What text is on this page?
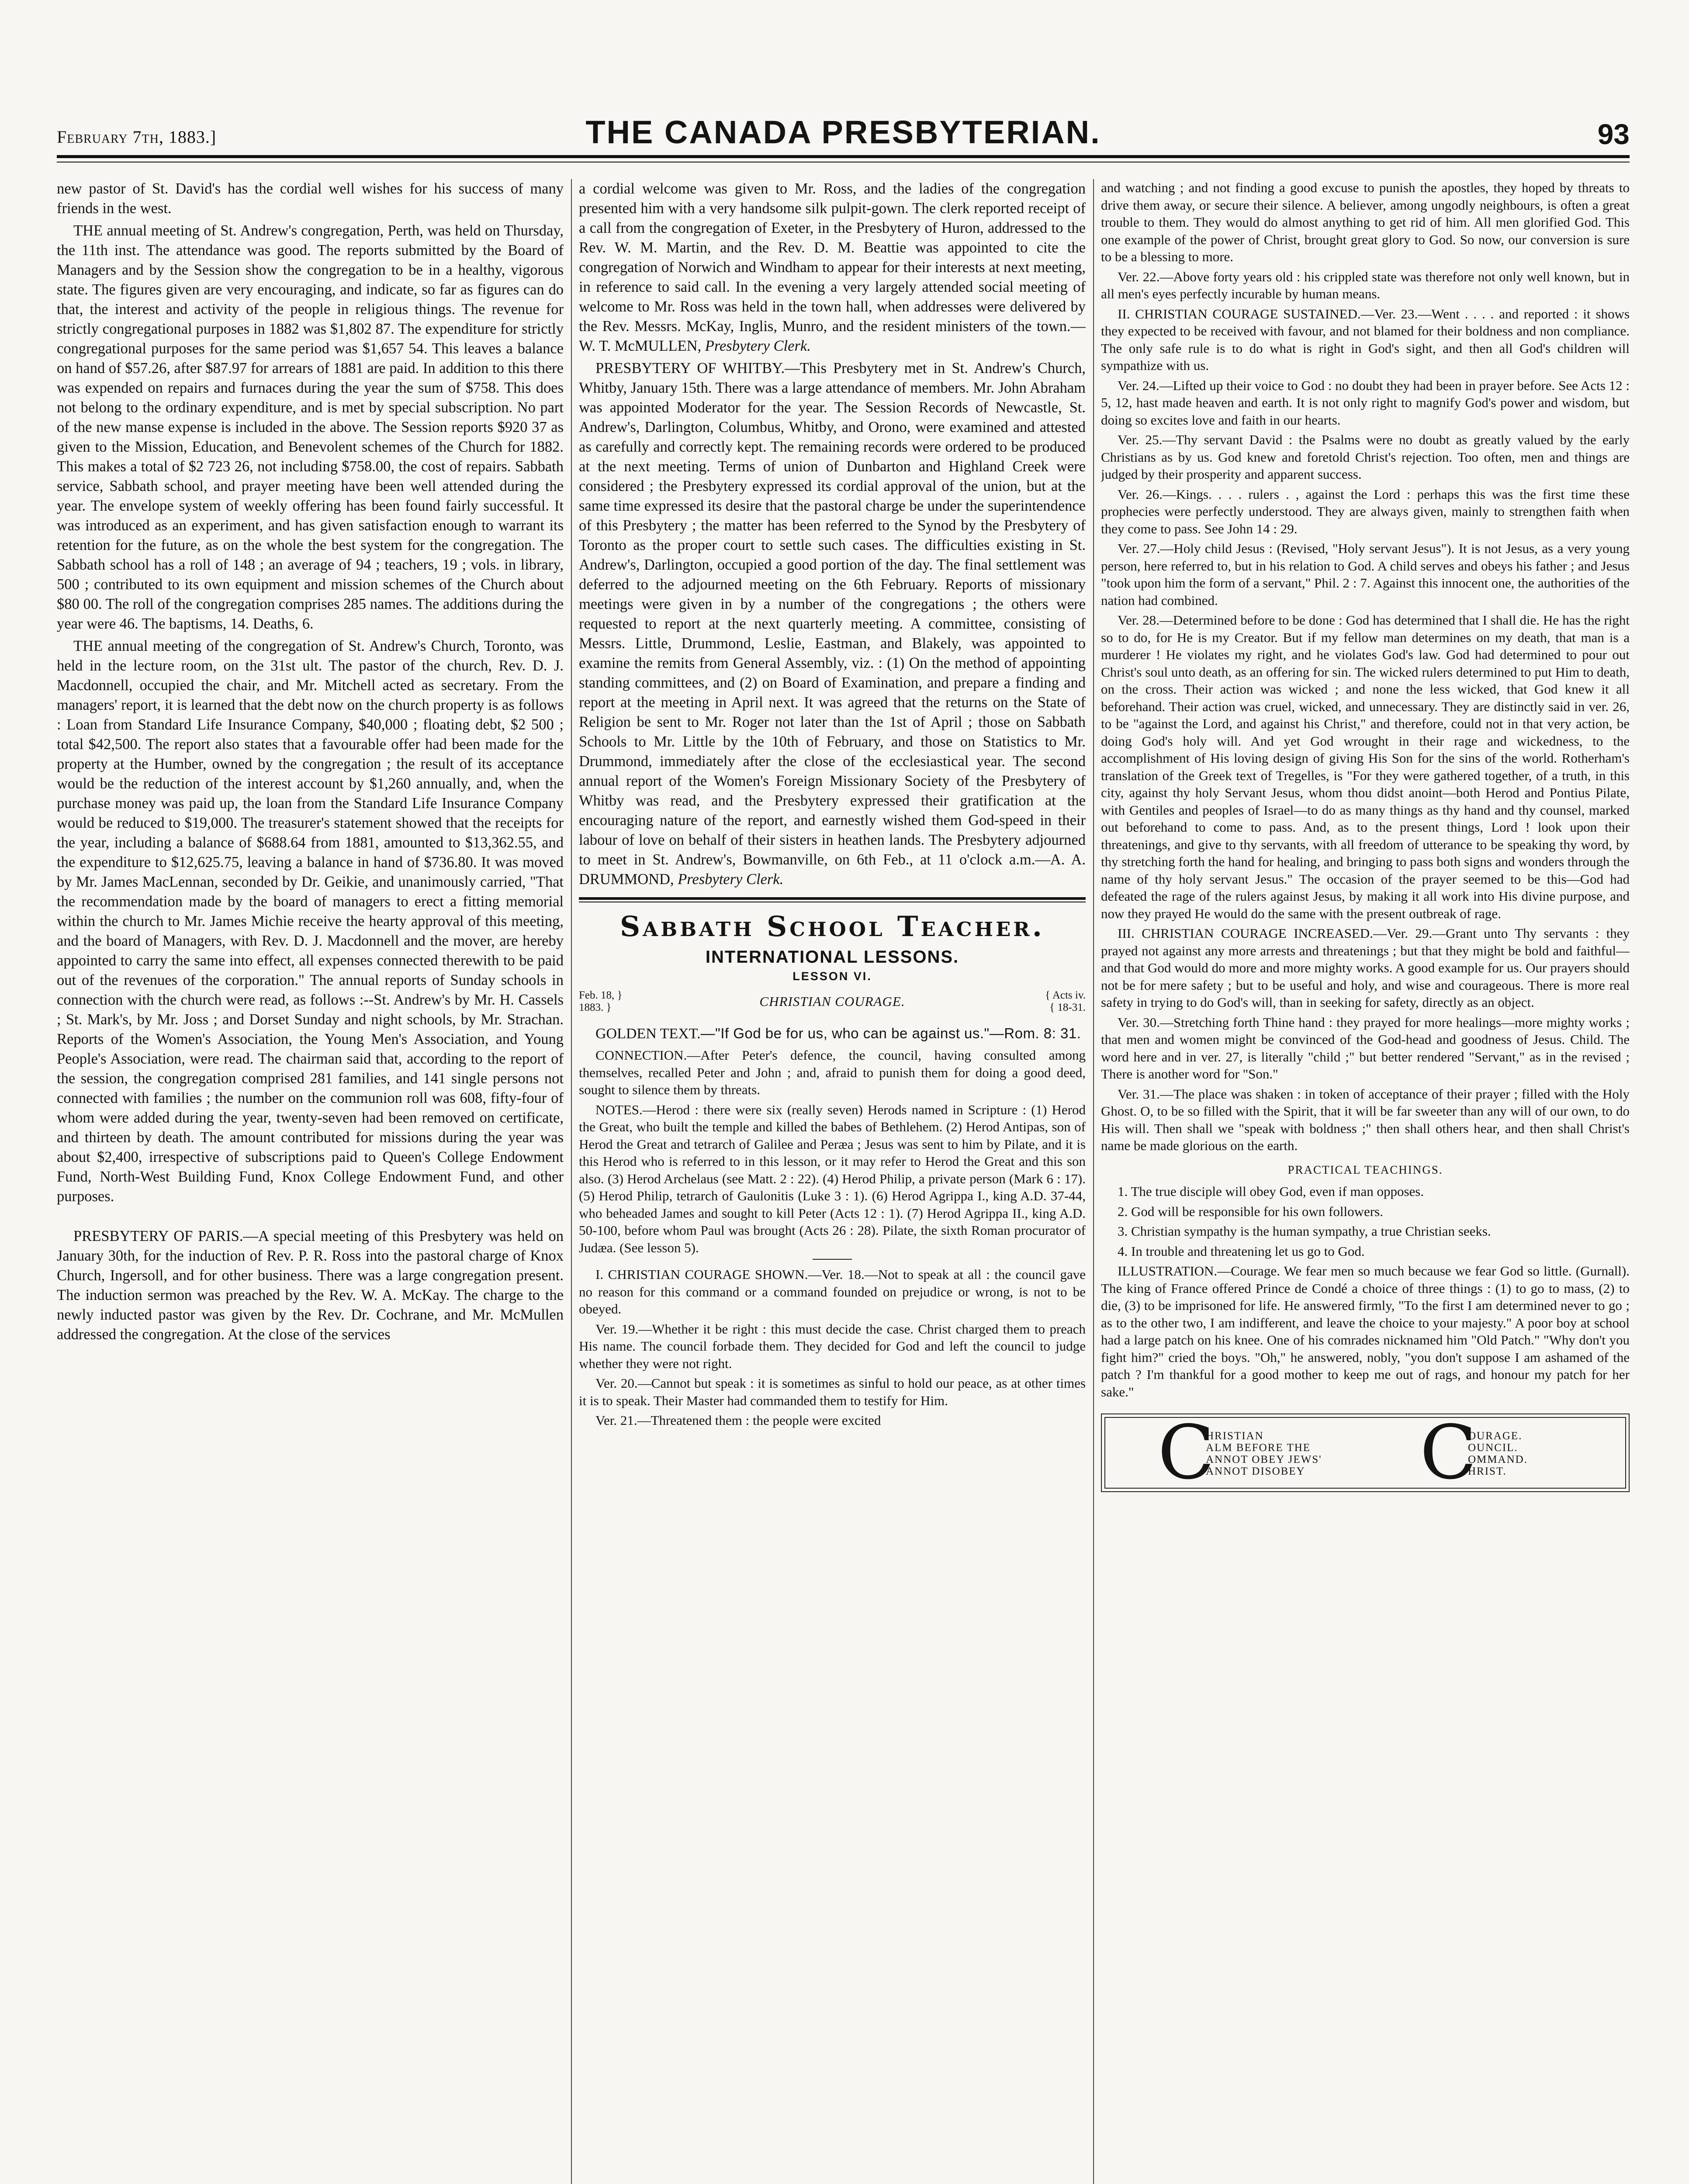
February 7th, 1883.]	THE CANADA PRESBYTERIAN.	93

new pastor of St. David's has the cordial well wishes for his success of many friends in the west.

THE annual meeting of St. Andrew's congregation, Perth, was held on Thursday, the 11th inst. The attendance was good. The reports submitted by the Board of Managers and by the Session show the congregation to be in a healthy, vigorous state. The figures given are very encouraging, and indicate, so far as figures can do that, the interest and activity of the people in religious things. The revenue for strictly congregational purposes in 1882 was $1,802 87. The expenditure for strictly congregational purposes for the same period was $1,657 54. This leaves a balance on hand of $57.26, after $87.97 for arrears of 1881 are paid. In addition to this there was expended on repairs and furnaces during the year the sum of $758. This does not belong to the ordinary expenditure, and is met by special subscription. No part of the new manse expense is included in the above. The Session reports $920 37 as given to the Mission, Education, and Benevolent schemes of the Church for 1882. This makes a total of $2 723 26, not including $758.00, the cost of repairs. Sabbath service, Sabbath school, and prayer meeting have been well attended during the year. The envelope system of weekly offering has been found fairly successful. It was introduced as an experiment, and has given satisfaction enough to warrant its retention for the future, as on the whole the best system for the congregation. The Sabbath school has a roll of 148 ; an average of 94 ; teachers, 19 ; vols. in library, 500 ; contributed to its own equipment and mission schemes of the Church about $80 00. The roll of the congregation comprises 285 names. The additions during the year were 46. The baptisms, 14. Deaths, 6.

THE annual meeting of the congregation of St. Andrew's Church, Toronto, was held in the lecture room, on the 31st ult. The pastor of the church, Rev. D. J. Macdonnell, occupied the chair, and Mr. Mitchell acted as secretary. From the managers' report, it is learned that the debt now on the church property is as follows : Loan from Standard Life Insurance Company, $40,000 ; floating debt, $2 500 ; total $42,500. The report also states that a favourable offer had been made for the property at the Humber, owned by the congregation ; the result of its acceptance would be the reduction of the interest account by $1,260 annually, and, when the purchase money was paid up, the loan from the Standard Life Insurance Company would be reduced to $19,000. The treasurer's statement showed that the receipts for the year, including a balance of $688.64 from 1881, amounted to $13,362.55, and the expenditure to $12,625.75, leaving a balance in hand of $736.80. It was moved by Mr. James MacLennan, seconded by Dr. Geikie, and unanimously carried, "That the recommendation made by the board of managers to erect a fitting memorial within the church to Mr. James Michie receive the hearty approval of this meeting, and the board of Managers, with Rev. D. J. Macdonnell and the mover, are hereby appointed to carry the same into effect, all expenses connected therewith to be paid out of the revenues of the corporation." The annual reports of Sunday schools in connection with the church were read, as follows :--St. Andrew's by Mr. H. Cassels ; St. Mark's, by Mr. Joss ; and Dorset Sunday and night schools, by Mr. Strachan. Reports of the Women's Association, the Young Men's Association, and Young People's Association, were read. The chairman said that, according to the report of the session, the congregation comprised 281 families, and 141 single persons not connected with families ; the number on the communion roll was 608, fifty-four of whom were added during the year, twenty-seven had been removed on certificate, and thirteen by death. The amount contributed for missions during the year was about $2,400, irrespective of subscriptions paid to Queen's College Endowment Fund, North-West Building Fund, Knox College Endowment Fund, and other purposes.

PRESBYTERY OF PARIS.—A special meeting of this Presbytery was held on January 30th, for the induction of Rev. P. R. Ross into the pastoral charge of Knox Church, Ingersoll, and for other business. There was a large congregation present. The induction sermon was preached by the Rev. W. A. McKay. The charge to the newly inducted pastor was given by the Rev. Dr. Cochrane, and Mr. McMullen addressed the congregation. At the close of the services

a cordial welcome was given to Mr. Ross, and the ladies of the congregation presented him with a very handsome silk pulpit-gown. The clerk reported receipt of a call from the congregation of Exeter, in the Presbytery of Huron, addressed to the Rev. W. M. Martin, and the Rev. D. M. Beattie was appointed to cite the congregation of Norwich and Windham to appear for their interests at next meeting, in reference to said call. In the evening a very largely attended social meeting of welcome to Mr. Ross was held in the town hall, when addresses were delivered by the Rev. Messrs. McKay, Inglis, Munro, and the resident ministers of the town.—W. T. McMULLEN, Presbytery Clerk.

PRESBYTERY OF WHITBY.—This Presbytery met in St. Andrew's Church, Whitby, January 15th. There was a large attendance of members. Mr. John Abraham was appointed Moderator for the year. The Session Records of Newcastle, St. Andrew's, Darlington, Columbus, Whitby, and Orono, were examined and attested as carefully and correctly kept. The remaining records were ordered to be produced at the next meeting. Terms of union of Dunbarton and Highland Creek were considered ; the Presbytery expressed its cordial approval of the union, but at the same time expressed its desire that the pastoral charge be under the superintendence of this Presbytery ; the matter has been referred to the Synod by the Presbytery of Toronto as the proper court to settle such cases. The difficulties existing in St. Andrew's, Darlington, occupied a good portion of the day. The final settlement was deferred to the adjourned meeting on the 6th February. Reports of missionary meetings were given in by a number of the congregations ; the others were requested to report at the next quarterly meeting. A committee, consisting of Messrs. Little, Drummond, Leslie, Eastman, and Blakely, was appointed to examine the remits from General Assembly, viz. : (1) On the method of appointing standing committees, and (2) on Board of Examination, and prepare a finding and report at the meeting in April next. It was agreed that the returns on the State of Religion be sent to Mr. Roger not later than the 1st of April ; those on Sabbath Schools to Mr. Little by the 10th of February, and those on Statistics to Mr. Drummond, immediately after the close of the ecclesiastical year. The second annual report of the Women's Foreign Missionary Society of the Presbytery of Whitby was read, and the Presbytery expressed their gratification at the encouraging nature of the report, and earnestly wished them God-speed in their labour of love on behalf of their sisters in heathen lands. The Presbytery adjourned to meet in St. Andrew's, Bowmanville, on 6th Feb., at 11 o'clock a.m.—A. A. DRUMMOND, Presbytery Clerk.

Sabbath School Teacher.
INTERNATIONAL LESSONS.
LESSON VI.
Feb. 18, }
1883. }	CHRISTIAN COURAGE.	{ Acts iv.
{ 18-31.
GOLDEN TEXT.—"If God be for us, who can be against us."—Rom. 8: 31.

CONNECTION.—After Peter's defence, the council, having consulted among themselves, recalled Peter and John ; and, afraid to punish them for doing a good deed, sought to silence them by threats.

NOTES.—Herod : there were six (really seven) Herods named in Scripture : (1) Herod the Great, who built the temple and killed the babes of Bethlehem. (2) Herod Antipas, son of Herod the Great and tetrarch of Galilee and Peræa ; Jesus was sent to him by Pilate, and it is this Herod who is referred to in this lesson, or it may refer to Herod the Great and this son also. (3) Herod Archelaus (see Matt. 2 : 22). (4) Herod Philip, a private person (Mark 6 : 17). (5) Herod Philip, tetrarch of Gaulonitis (Luke 3 : 1). (6) Herod Agrippa I., king A.D. 37-44, who beheaded James and sought to kill Peter (Acts 12 : 1). (7) Herod Agrippa II., king A.D. 50-100, before whom Paul was brought (Acts 26 : 28). Pilate, the sixth Roman procurator of Judæa. (See lesson 5).

I. CHRISTIAN COURAGE SHOWN.—Ver. 18.—Not to speak at all : the council gave no reason for this command or a command founded on prejudice or wrong, is not to be obeyed.

Ver. 19.—Whether it be right : this must decide the case. Christ charged them to preach His name. The council forbade them. They decided for God and left the council to judge whether they were not right.

Ver. 20.—Cannot but speak : it is sometimes as sinful to hold our peace, as at other times it is to speak. Their Master had commanded them to testify for Him.

Ver. 21.—Threatened them : the people were excited

and watching ; and not finding a good excuse to punish the apostles, they hoped by threats to drive them away, or secure their silence. A believer, among ungodly neighbours, is often a great trouble to them. They would do almost anything to get rid of him. All men glorified God. This one example of the power of Christ, brought great glory to God. So now, our conversion is sure to be a blessing to more.

Ver. 22.—Above forty years old : his crippled state was therefore not only well known, but in all men's eyes perfectly incurable by human means.

II. CHRISTIAN COURAGE SUSTAINED.—Ver. 23.—Went . . . . and reported : it shows they expected to be received with favour, and not blamed for their boldness and non compliance. The only safe rule is to do what is right in God's sight, and then all God's children will sympathize with us.

Ver. 24.—Lifted up their voice to God : no doubt they had been in prayer before. See Acts 12 : 5, 12, hast made heaven and earth. It is not only right to magnify God's power and wisdom, but doing so excites love and faith in our hearts.

Ver. 25.—Thy servant David : the Psalms were no doubt as greatly valued by the early Christians as by us. God knew and foretold Christ's rejection. Too often, men and things are judged by their prosperity and apparent success.

Ver. 26.—Kings. . . . rulers . , against the Lord : perhaps this was the first time these prophecies were perfectly understood. They are always given, mainly to strengthen faith when they come to pass. See John 14 : 29.

Ver. 27.—Holy child Jesus : (Revised, "Holy servant Jesus"). It is not Jesus, as a very young person, here referred to, but in his relation to God. A child serves and obeys his father ; and Jesus "took upon him the form of a servant," Phil. 2 : 7. Against this innocent one, the authorities of the nation had combined.

Ver. 28.—Determined before to be done : God has determined that I shall die. He has the right so to do, for He is my Creator. But if my fellow man determines on my death, that man is a murderer ! He violates my right, and he violates God's law. God had determined to pour out Christ's soul unto death, as an offering for sin. The wicked rulers determined to put Him to death, on the cross. Their action was wicked ; and none the less wicked, that God knew it all beforehand. Their action was cruel, wicked, and unnecessary. They are distinctly said in ver. 26, to be "against the Lord, and against his Christ," and therefore, could not in that very action, be doing God's holy will. And yet God wrought in their rage and wickedness, to the accomplishment of His loving design of giving His Son for the sins of the world. Rotherham's translation of the Greek text of Tregelles, is "For they were gathered together, of a truth, in this city, against thy holy Servant Jesus, whom thou didst anoint—both Herod and Pontius Pilate, with Gentiles and peoples of Israel—to do as many things as thy hand and thy counsel, marked out beforehand to come to pass. And, as to the present things, Lord ! look upon their threatenings, and give to thy servants, with all freedom of utterance to be speaking thy word, by thy stretching forth the hand for healing, and bringing to pass both signs and wonders through the name of thy holy servant Jesus." The occasion of the prayer seemed to be this—God had defeated the rage of the rulers against Jesus, by making it all work into His divine purpose, and now they prayed He would do the same with the present outbreak of rage.

III. CHRISTIAN COURAGE INCREASED.—Ver. 29.—Grant unto Thy servants : they prayed not against any more arrests and threatenings ; but that they might be bold and faithful—and that God would do more and more mighty works. A good example for us. Our prayers should not be for mere safety ; but to be useful and holy, and wise and courageous. There is more real safety in trying to do God's will, than in seeking for safety, directly as an object.

Ver. 30.—Stretching forth Thine hand : they prayed for more healings—more mighty works ; that men and women might be convinced of the God-head and goodness of Jesus. Child. The word here and in ver. 27, is literally "child ;" but better rendered "Servant," as in the revised ; There is another word for "Son."

Ver. 31.—The place was shaken : in token of acceptance of their prayer ; filled with the Holy Ghost. O, to be so filled with the Spirit, that it will be far sweeter than any will of our own, to do His will. Then shall we "speak with boldness ;" then shall others hear, and then shall Christ's name be made glorious on the earth.

PRACTICAL TEACHINGS.

1. The true disciple will obey God, even if man opposes.

2. God will be responsible for his own followers.

3. Christian sympathy is the human sympathy, a true Christian seeks.

4. In trouble and threatening let us go to God.

ILLUSTRATION.—Courage. We fear men so much because we fear God so little. (Gurnall). The king of France offered Prince de Condé a choice of three things : (1) to go to mass, (2) to die, (3) to be imprisoned for life. He answered firmly, "To the first I am determined never to go ; as to the other two, I am indifferent, and leave the choice to your majesty." A poor boy at school had a large patch on his knee. One of his comrades nicknamed him "Old Patch." "Why don't you fight him?" cried the boys. "Oh," he answered, nobly, "you don't suppose I am ashamed of the patch ? I'm thankful for a good mother to keep me out of rags, and honour my patch for her sake."

C
HRISTIAN
ALM BEFORE THE
ANNOT OBEY JEWS'
ANNOT DISOBEY C
OURAGE.
OUNCIL.
OMMAND.
HRIST.
